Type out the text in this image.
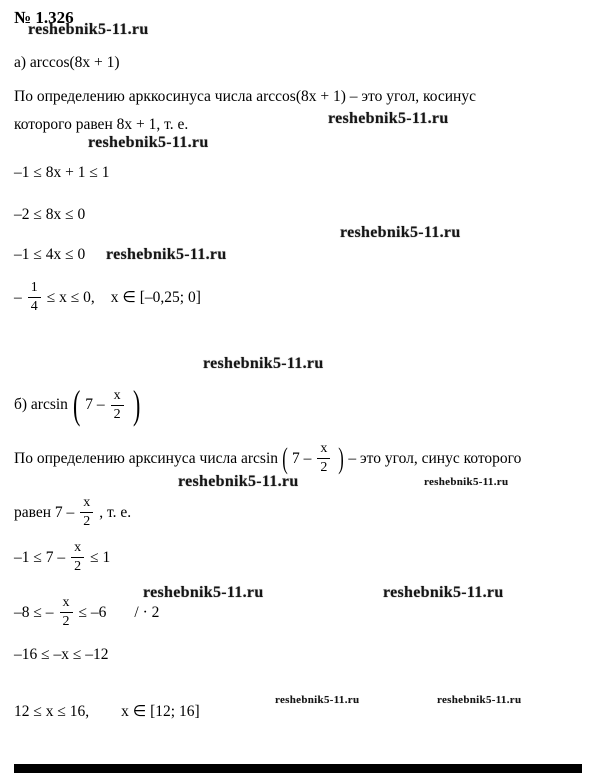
№ 1.326
reshebnik5-11.ru
reshebnik5-11.ru
reshebnik5-11.ru
reshebnik5-11.ru
reshebnik5-11.ru
reshebnik5-11.ru
reshebnik5-11.ru	reshebnik5-11.ru
reshebnik5-11.ru	reshebnik5-11.ru
reshebnik5-11.ru	reshebnik5-11.ru
а) arccos(8x + 1)
По определению арккосинуса числа arccos(8x + 1) – это угол, косинус
которого равен 8x + 1, т. е.
–1 ≤ 8x + 1 ≤ 1
–2 ≤ 8x ≤ 0
–1 ≤ 4x ≤ 0
– $\frac{1}{4} \le x \le 0$, x ∈ [–0,25; 0]
б) arcsin ( $7 - \frac{x}{2}$ )
По определению арксинуса числа arcsin ( $7 - \frac{x}{2}$ ) – это угол, синус которого
равен $7 - \frac{x}{2}$ , т. е.
$-1 \le 7 - \frac{x}{2} \le 1$
–8 ≤ – $\frac{x}{2} \le -6$ / · 2
–16 ≤ –x ≤ –12
12 ≤ x ≤ 16, x ∈ [12; 16]
